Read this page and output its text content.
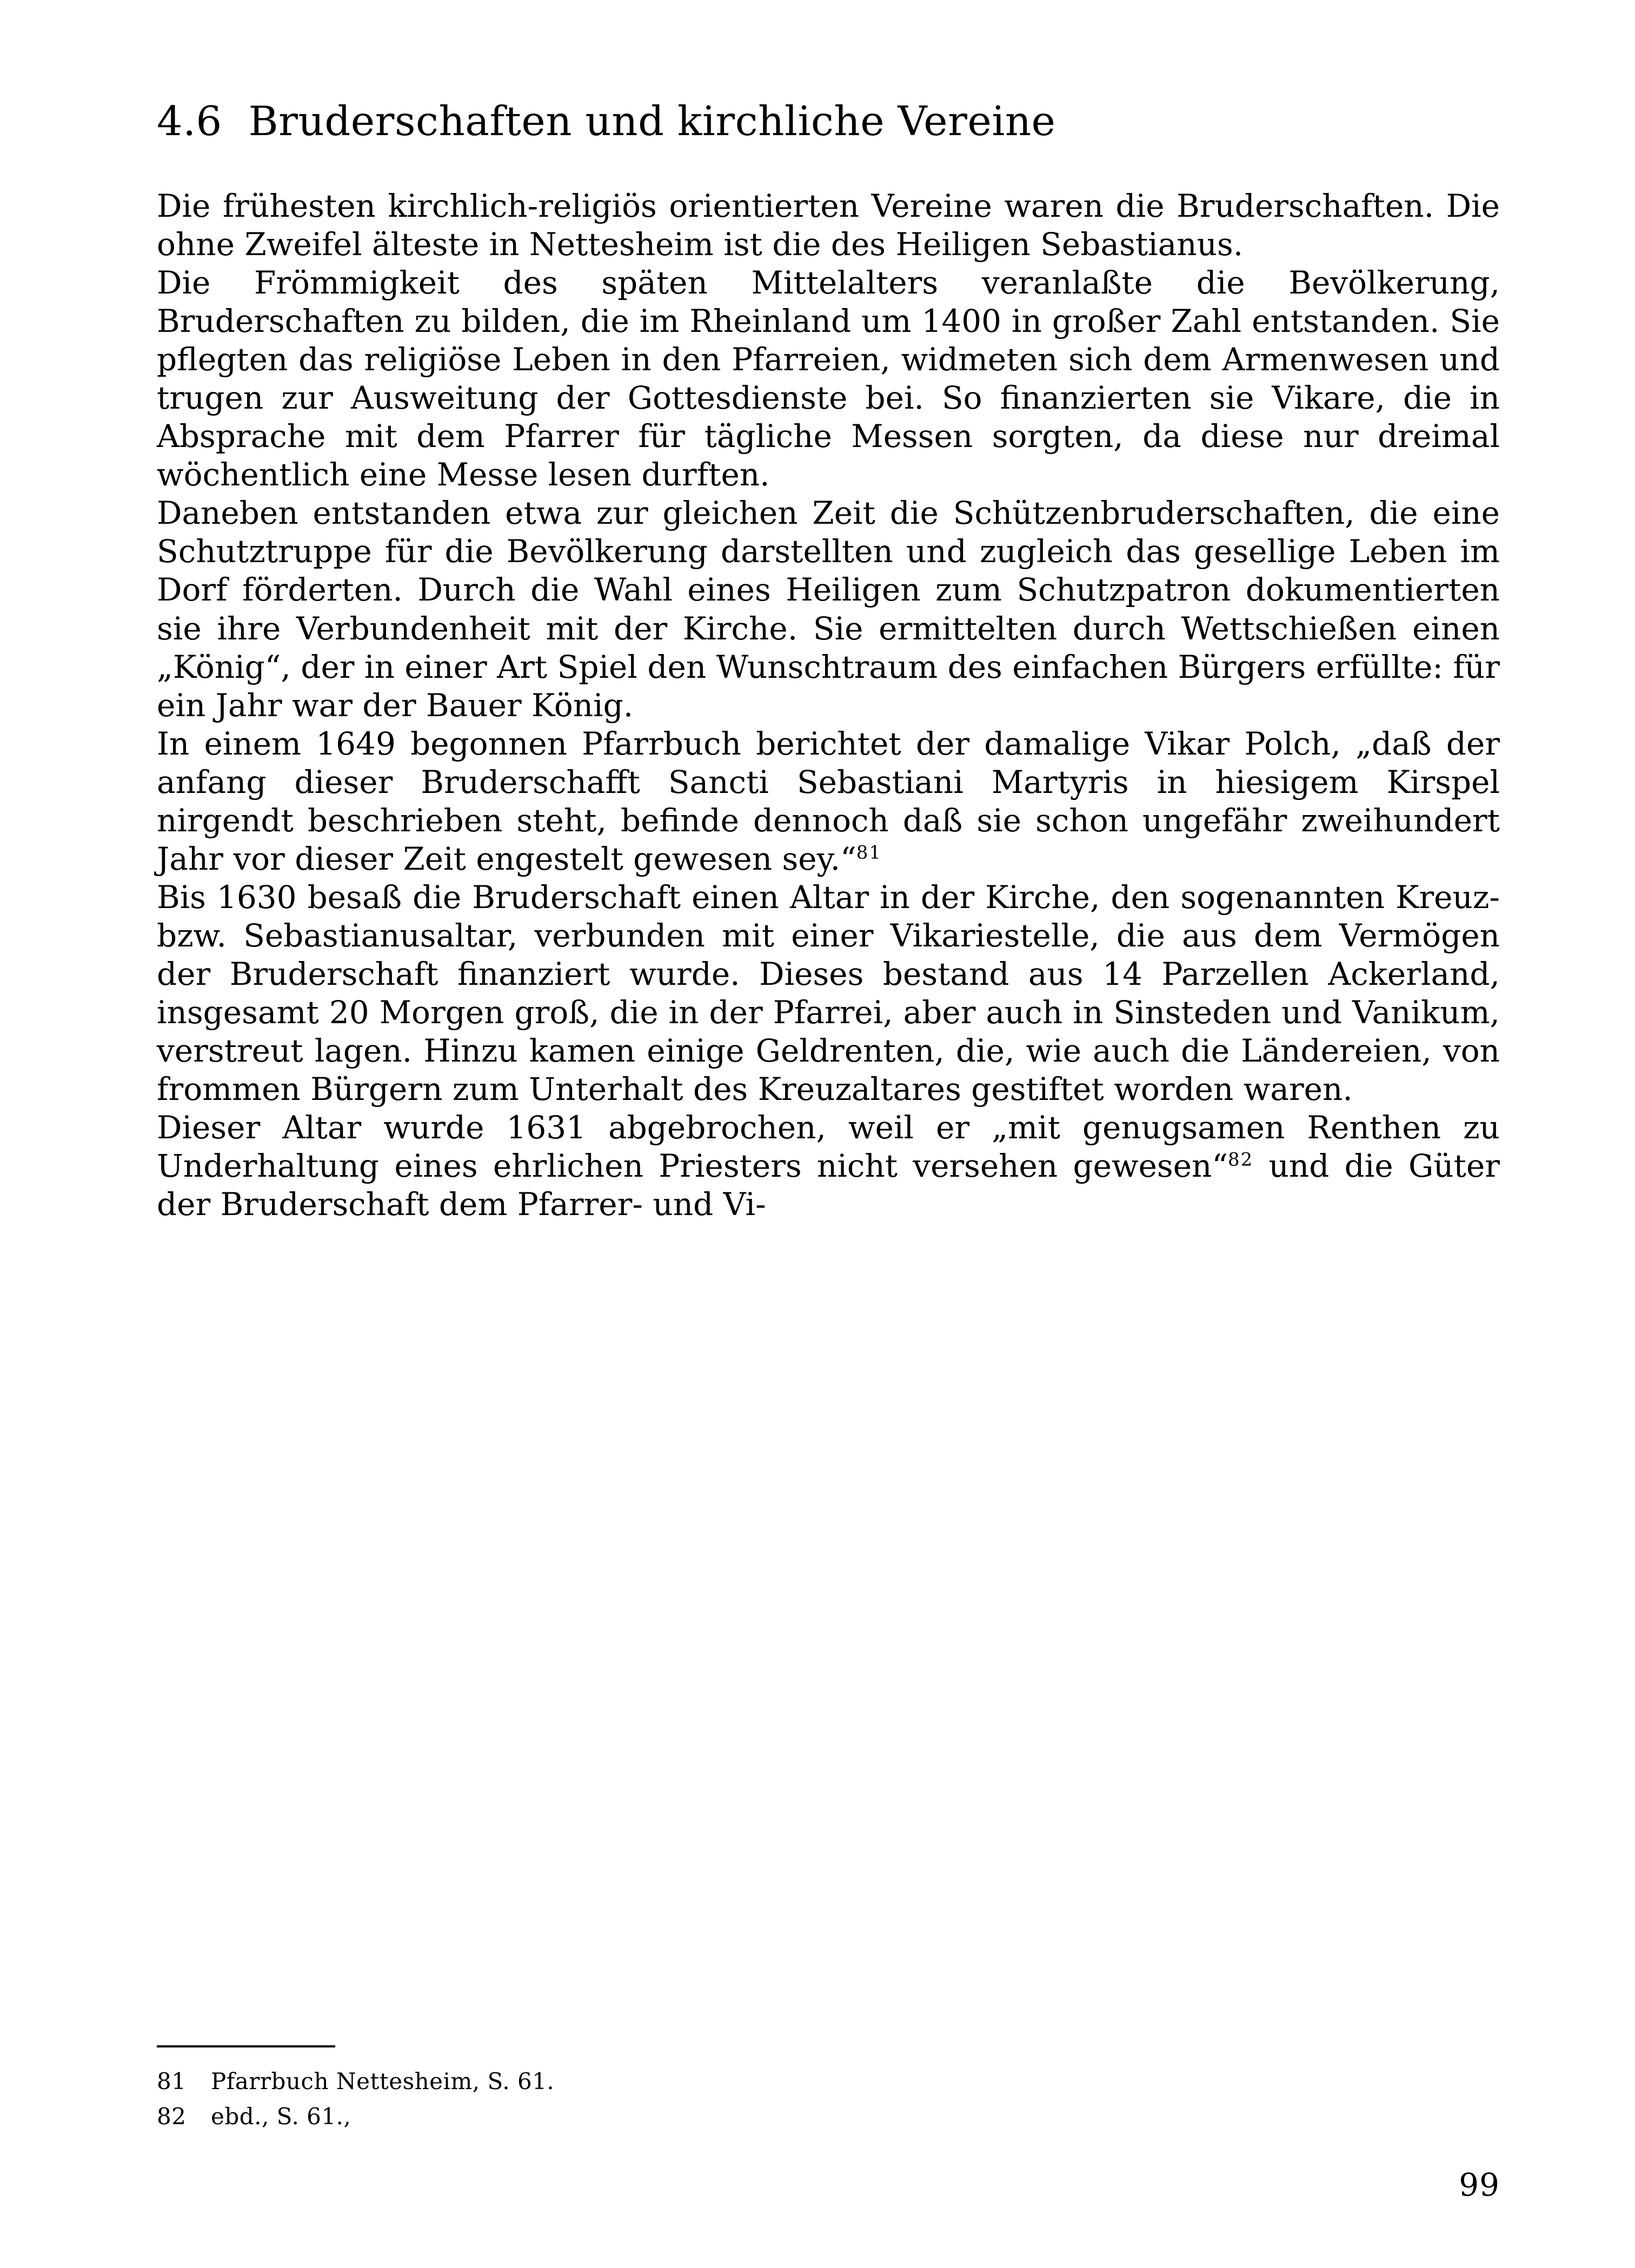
4.6  Bruderschaften und kirchliche Vereine

Die frühesten kirchlich-religiös orientierten Vereine waren die Bruderschaften. Die ohne Zweifel älteste in Nettesheim ist die des Heiligen Sebastianus.

Die Frömmigkeit des späten Mittelalters veranlaßte die Bevölkerung, Bruderschaften zu bilden, die im Rheinland um 1400 in großer Zahl entstanden. Sie pflegten das religiöse Leben in den Pfarreien, widmeten sich dem Armenwesen und trugen zur Ausweitung der Gottesdienste bei. So finanzierten sie Vikare, die in Absprache mit dem Pfarrer für tägliche Messen sorgten, da diese nur dreimal wöchentlich eine Messe lesen durften.

Daneben entstanden etwa zur gleichen Zeit die Schützenbruderschaften, die eine Schutztruppe für die Bevölkerung darstellten und zugleich das gesellige Leben im Dorf förderten. Durch die Wahl eines Heiligen zum Schutzpatron dokumentierten sie ihre Verbundenheit mit der Kirche. Sie ermittelten durch Wettschießen einen „König“, der in einer Art Spiel den Wunschtraum des einfachen Bürgers erfüllte: für ein Jahr war der Bauer König.

In einem 1649 begonnen Pfarrbuch berichtet der damalige Vikar Polch, „daß der anfang dieser Bruderschafft Sancti Sebastiani Martyris in hiesigem Kirspel nirgendt beschrieben steht, befinde dennoch daß sie schon ungefähr zweihundert Jahr vor dieser Zeit engestelt gewesen sey.“$^{81}$

Bis 1630 besaß die Bruderschaft einen Altar in der Kirche, den sogenannten Kreuz- bzw. Sebastianusaltar, verbunden mit einer Vikariestelle, die aus dem Vermögen der Bruderschaft finanziert wurde. Dieses bestand aus 14 Parzellen Ackerland, insgesamt 20 Morgen groß, die in der Pfarrei, aber auch in Sinsteden und Vanikum, verstreut lagen. Hinzu kamen einige Geldrenten, die, wie auch die Ländereien, von frommen Bürgern zum Unterhalt des Kreuzaltares gestiftet worden waren.

Dieser Altar wurde 1631 abgebrochen, weil er „mit genugsamen Renthen zu Underhaltung eines ehrlichen Priesters nicht versehen gewesen“$^{82}$ und die Güter der Bruderschaft dem Pfarrer- und Vi-

81 Pfarrbuch Nettesheim, S. 61.
82 ebd., S. 61.,
99
